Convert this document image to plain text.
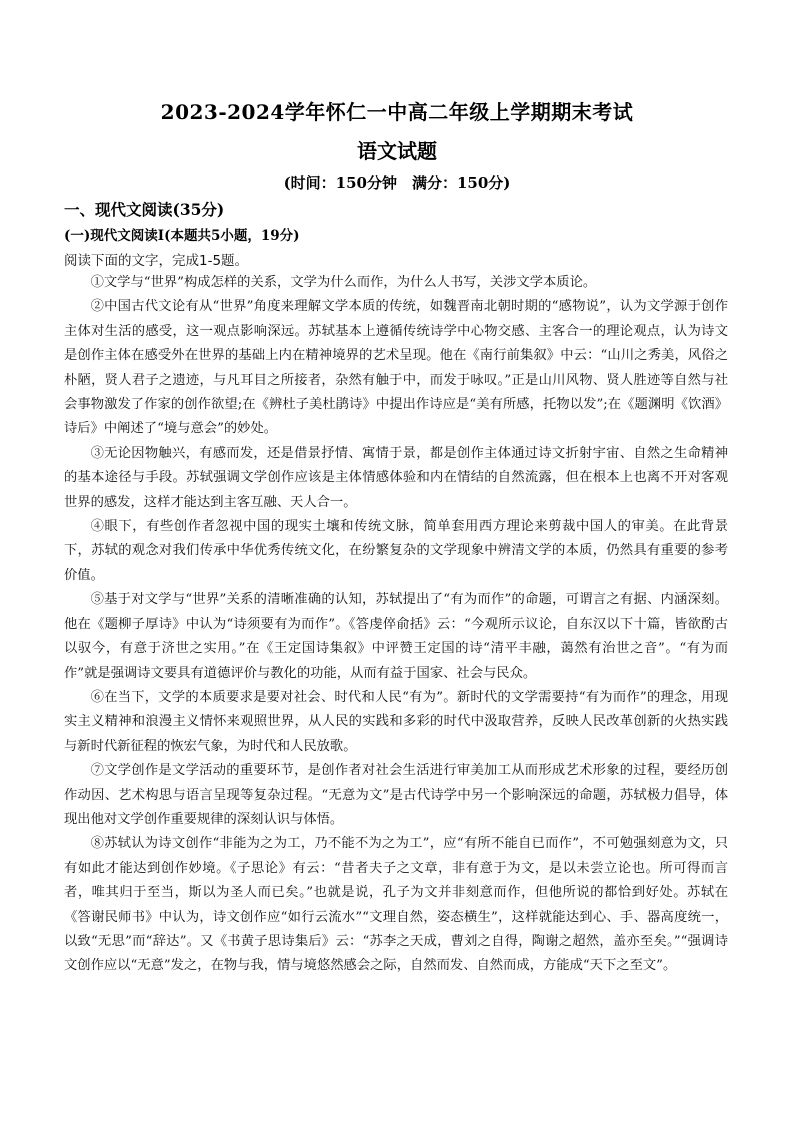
2023-2024学年怀仁一中高二年级上学期期末考试
语文试题
(时间：150分钟　满分：150分)
一、现代文阅读(35分)
(一)现代文阅读Ⅰ(本题共5小题，19分)
阅读下面的文字，完成1-5题。

①文学与“世界”构成怎样的关系，文学为什么而作，为什么人书写，关涉文学本质论。

②中国古代文论有从“世界”角度来理解文学本质的传统，如魏晋南北朝时期的“感物说”，认为文学源于创作主体对生活的感受，这一观点影响深远。苏轼基本上遵循传统诗学中心物交感、主客合一的理论观点，认为诗文是创作主体在感受外在世界的基础上内在精神境界的艺术呈现。他在《南行前集叙》中云：“山川之秀美，风俗之朴陋，贤人君子之遗迹，与凡耳目之所接者，杂然有触于中，而发于咏叹。”正是山川风物、贤人胜迹等自然与社会事物激发了作家的创作欲望;在《辨杜子美杜鹃诗》中提出作诗应是“美有所感，托物以发”;在《题渊明《饮酒》诗后》中阐述了“境与意会”的妙处。

③无论因物触兴，有感而发，还是借景抒情、寓情于景，都是创作主体通过诗文折射宇宙、自然之生命精神的基本途径与手段。苏轼强调文学创作应该是主体情感体验和内在情结的自然流露，但在根本上也离不开对客观世界的感发，这样才能达到主客互融、天人合一。

④眼下，有些创作者忽视中国的现实土壤和传统文脉，简单套用西方理论来剪裁中国人的审美。在此背景下，苏轼的观念对我们传承中华优秀传统文化，在纷繁复杂的文学现象中辨清文学的本质，仍然具有重要的参考价值。

⑤基于对文学与“世界”关系的清晰准确的认知，苏轼提出了“有为而作”的命题，可谓言之有据、内涵深刻。他在《题柳子厚诗》中认为“诗须要有为而作”。《答虔倅俞括》云：“今观所示议论，自东汉以下十篇，皆欲酌古以驭今，有意于济世之实用。”在《王定国诗集叙》中评赞王定国的诗“清平丰融，蔼然有治世之音”。“有为而作”就是强调诗文要具有道德评价与教化的功能，从而有益于国家、社会与民众。

⑥在当下，文学的本质要求是要对社会、时代和人民“有为”。新时代的文学需要持“有为而作”的理念，用现实主义精神和浪漫主义情怀来观照世界，从人民的实践和多彩的时代中汲取营养，反映人民改革创新的火热实践与新时代新征程的恢宏气象，为时代和人民放歌。

⑦文学创作是文学活动的重要环节，是创作者对社会生活进行审美加工从而形成艺术形象的过程，要经历创作动因、艺术构思与语言呈现等复杂过程。“无意为文”是古代诗学中另一个影响深远的命题，苏轼极力倡导，体现出他对文学创作重要规律的深刻认识与体悟。

⑧苏轼认为诗文创作“非能为之为工，乃不能不为之为工”，应“有所不能自已而作”，不可勉强刻意为文，只有如此才能达到创作妙境。《子思论》有云：“昔者夫子之文章，非有意于为文，是以未尝立论也。所可得而言者，唯其归于至当，斯以为圣人而已矣。”也就是说，孔子为文并非刻意而作，但他所说的都恰到好处。苏轼在《答谢民师书》中认为，诗文创作应“如行云流水”“文理自然，姿态横生”，这样就能达到心、手、器高度统一，以致“无思”而“辞达”。又《书黄子思诗集后》云：“苏李之天成，曹刘之自得，陶谢之超然，盖亦至矣。”“强调诗文创作应以“无意”发之，在物与我，情与境悠然感会之际，自然而发、自然而成，方能成“天下之至文”。
